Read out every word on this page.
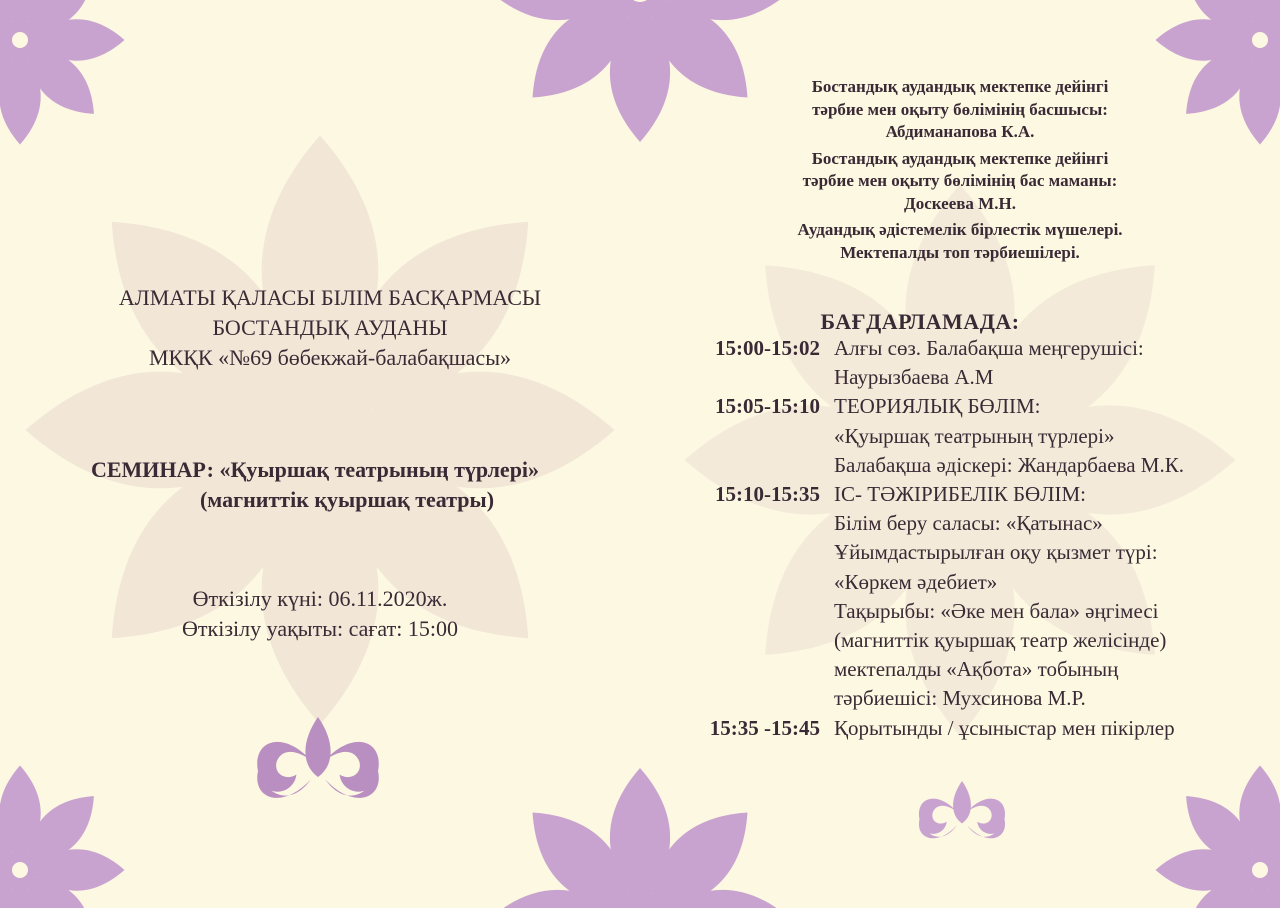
АЛМАТЫ ҚАЛАСЫ БІЛІМ БАСҚАРМАСЫ
БОСТАНДЫҚ АУДАНЫ
МКҚК «№69 бөбекжай-балабақшасы»
СЕМИНАР: «Қуыршақ театрының түрлері»
(магниттік қуыршақ театры)
Өткізілу күні: 06.11.2020ж.
Өткізілу уақыты: сағат: 15:00
Бостандық аудандық мектепке дейінгі
тәрбие мен оқыту бөлімінің басшысы:
Абдиманапова К.А.
Бостандық аудандық мектепке дейінгі
тәрбие мен оқыту бөлімінің бас маманы:
Доскеева М.Н.
Аудандық әдістемелік бірлестік мүшелері.
Мектепалды топ тәрбиешілері.
БАҒДАРЛАМАДА:
15:00-15:02 Алғы сөз. Балабақша меңгерушісі:
Наурызбаева А.М
15:05-15:10 ТЕОРИЯЛЫҚ БӨЛІМ:
«Қуыршақ театрының түрлері»
Балабақша әдіскері: Жандарбаева М.К.
15:10-15:35 ІС- ТӘЖІРИБЕЛІК БӨЛІМ:
Білім беру саласы: «Қатынас»
Ұйымдастырылған оқу қызмет түрі:
«Көркем әдебиет»
Тақырыбы: «Әке мен бала» әңгімесі
(магниттік қуыршақ театр желісінде)
мектепалды «Ақбота» тобының
тәрбиешісі: Мухсинова М.Р.
15:35 -15:45 Қорытынды / ұсыныстар мен пікірлер
